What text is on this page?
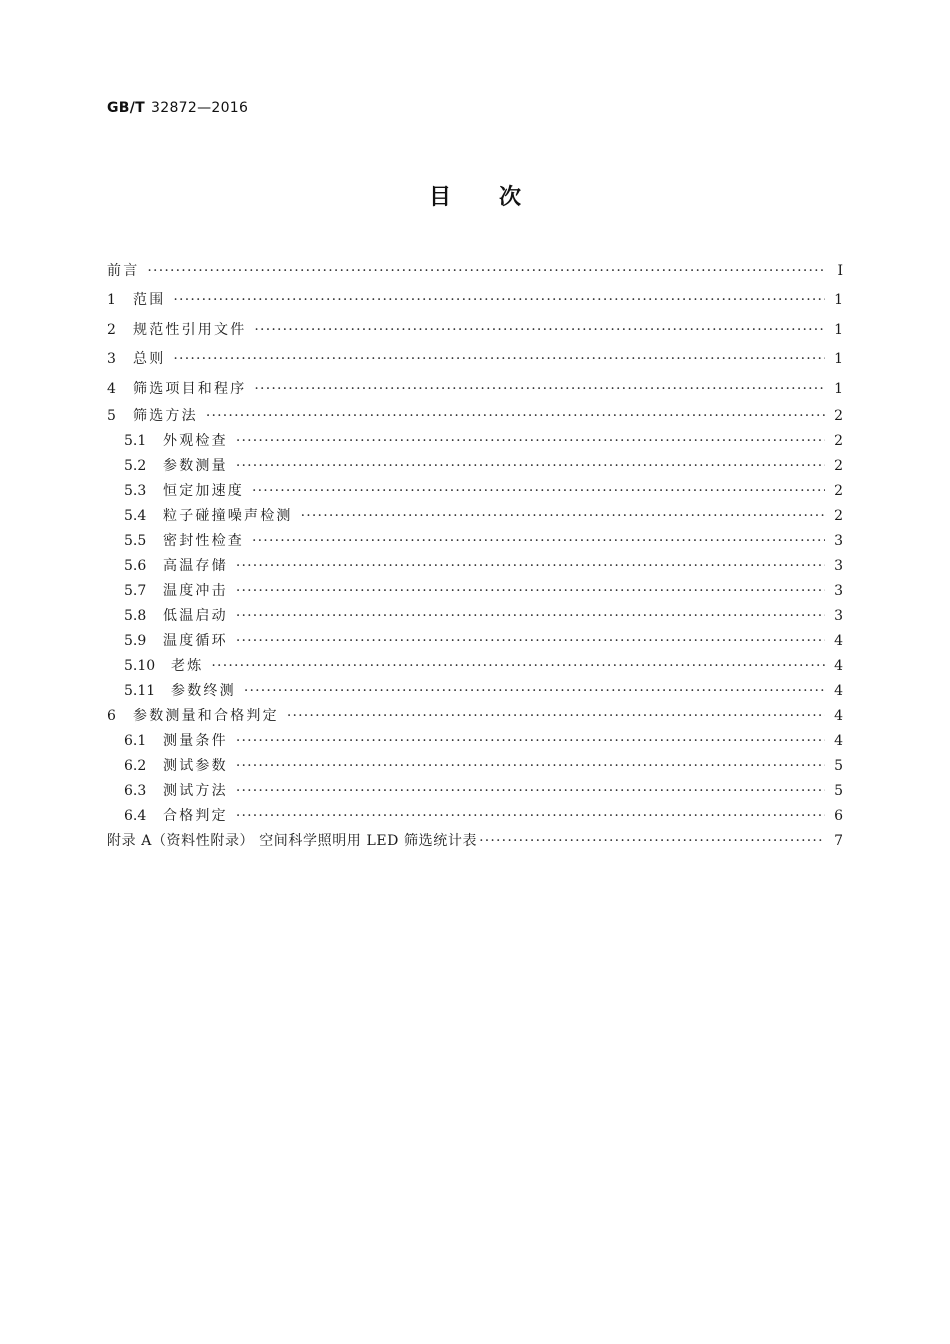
GB/T 32872—2016
目次
前言 ·····	Ⅰ
1	范围 ·····	1
2	规范性引用文件 ·····	1
3	总则 ·····	1
4	筛选项目和程序 ·····	1
5	筛选方法 ·····	2
5.1	外观检查 ·····	2
5.2	参数测量 ·····	2
5.3	恒定加速度 ·····	2
5.4	粒子碰撞噪声检测 ·····	2
5.5	密封性检查 ·····	3
5.6	高温存储 ·····	3
5.7	温度冲击 ·····	3
5.8	低温启动 ·····	3
5.9	温度循环 ·····	4
5.10	老炼 ·····	4
5.11	参数终测 ·····	4
6	参数测量和合格判定 ·····	4
6.1	测量条件 ·····	4
6.2	测试参数 ·····	5
6.3	测试方法 ·····	5
6.4	合格判定 ·····	6
附录 A（资料性附录） 空间科学照明用 LED 筛选统计表 ·····	7
